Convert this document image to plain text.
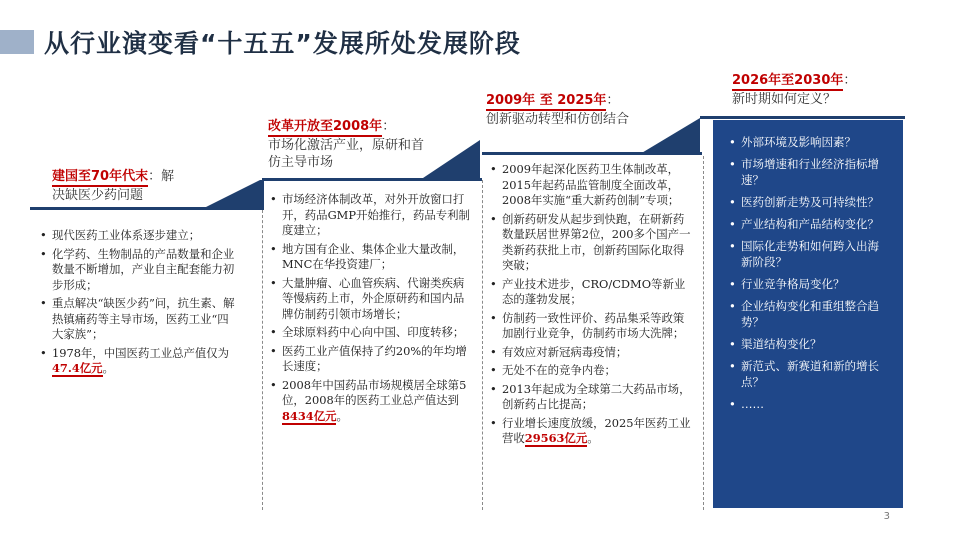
从行业演变看“十五五”发展所处发展阶段
建国至70年代末：解
决缺医少药问题
• 现代医药工业体系逐步建立；
• 化学药、生物制品的产品数量和企业数量不断增加，产业自主配套能力初步形成；
• 重点解决“缺医少药”问，抗生素、解热镇痛药等主导市场，医药工业“四大家族”；
• 1978年，中国医药工业总产值仅为47.4亿元。
改革开放至2008年：
市场化激活产业，原研和首仿主导市场
• 市场经济体制改革，对外开放窗口打开，药品GMP开始推行，药品专利制度建立；
• 地方国有企业、集体企业大量改制，MNC在华投资建厂；
• 大量肿瘤、心血管疾病、代谢类疾病等慢病药上市，外企原研药和国内品牌仿制药引领市场增长；
• 全球原料药中心向中国、印度转移；
• 医药工业产值保持了约20%的年均增长速度；
• 2008年中国药品市场规模居全球第5位，2008年的医药工业总产值达到8434亿元。
2009年 至 2025年：
创新驱动转型和仿创结合
• 2009年起深化医药卫生体制改革，2015年起药品监管制度全面改革，2008年实施“重大新药创制”专项；
• 创新药研发从起步到快跑，在研新药数量跃居世界第2位，200多个国产一类新药获批上市，创新药国际化取得突破；
• 产业技术进步，CRO/CDMO等新业态的蓬勃发展；
• 仿制药一致性评价、药品集采等政策加剧行业竞争，仿制药市场大洗牌；
• 有效应对新冠病毒疫情；
• 无处不在的竞争内卷；
• 2013年起成为全球第二大药品市场，创新药占比提高；
• 行业增长速度放缓，2025年医药工业营收29563亿元。
2026年至2030年：
新时期如何定义？
• 外部环境及影响因素？
• 市场增速和行业经济指标增速？
• 医药创新走势及可持续性？
• 产业结构和产品结构变化？
• 国际化走势和如何跨入出海新阶段？
• 行业竞争格局变化？
• 企业结构变化和重组整合趋势？
• 渠道结构变化？
• 新范式、新赛道和新的增长点？
• ……
3
